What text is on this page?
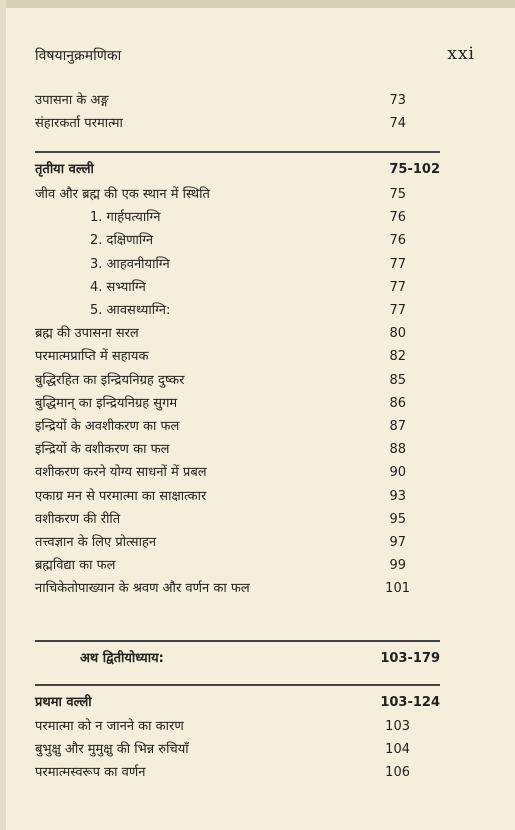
विषयानुक्रमणिका	xxi
उपासना के अङ्ग	73
संहारकर्ता परमात्मा	74
तृतीया वल्ली	75-102
जीव और ब्रह्म की एक स्थान में स्थिति	75
1. गार्हपत्याग्नि	76
2. दक्षिणाग्नि	76
3. आहवनीयाग्नि	77
4. सभ्याग्नि	77
5. आवसथ्याग्नि:	77
ब्रह्म की उपासना सरल	80
परमात्मप्राप्ति में सहायक	82
बुद्धिरहित का इन्द्रियनिग्रह दुष्कर	85
बुद्धिमान् का इन्द्रियनिग्रह सुगम	86
इन्द्रियों के अवशीकरण का फल	87
इन्द्रियों के वशीकरण का फल	88
वशीकरण करने योग्य साधनों में प्रबल	90
एकाग्र मन से परमात्मा का साक्षात्कार	93
वशीकरण की रीति	95
तत्त्वज्ञान के लिए प्रोत्साहन	97
ब्रह्मविद्या का फल	99
नाचिकेतोपाख्यान के श्रवण और वर्णन का फल	101
अथ द्वितीयोध्याय:	103-179
प्रथमा वल्ली	103-124
परमात्मा को न जानने का कारण	103
बुभुक्षु और मुमुक्षु की भिन्न रुचियाँ	104
परमात्मस्वरूप का वर्णन	106
